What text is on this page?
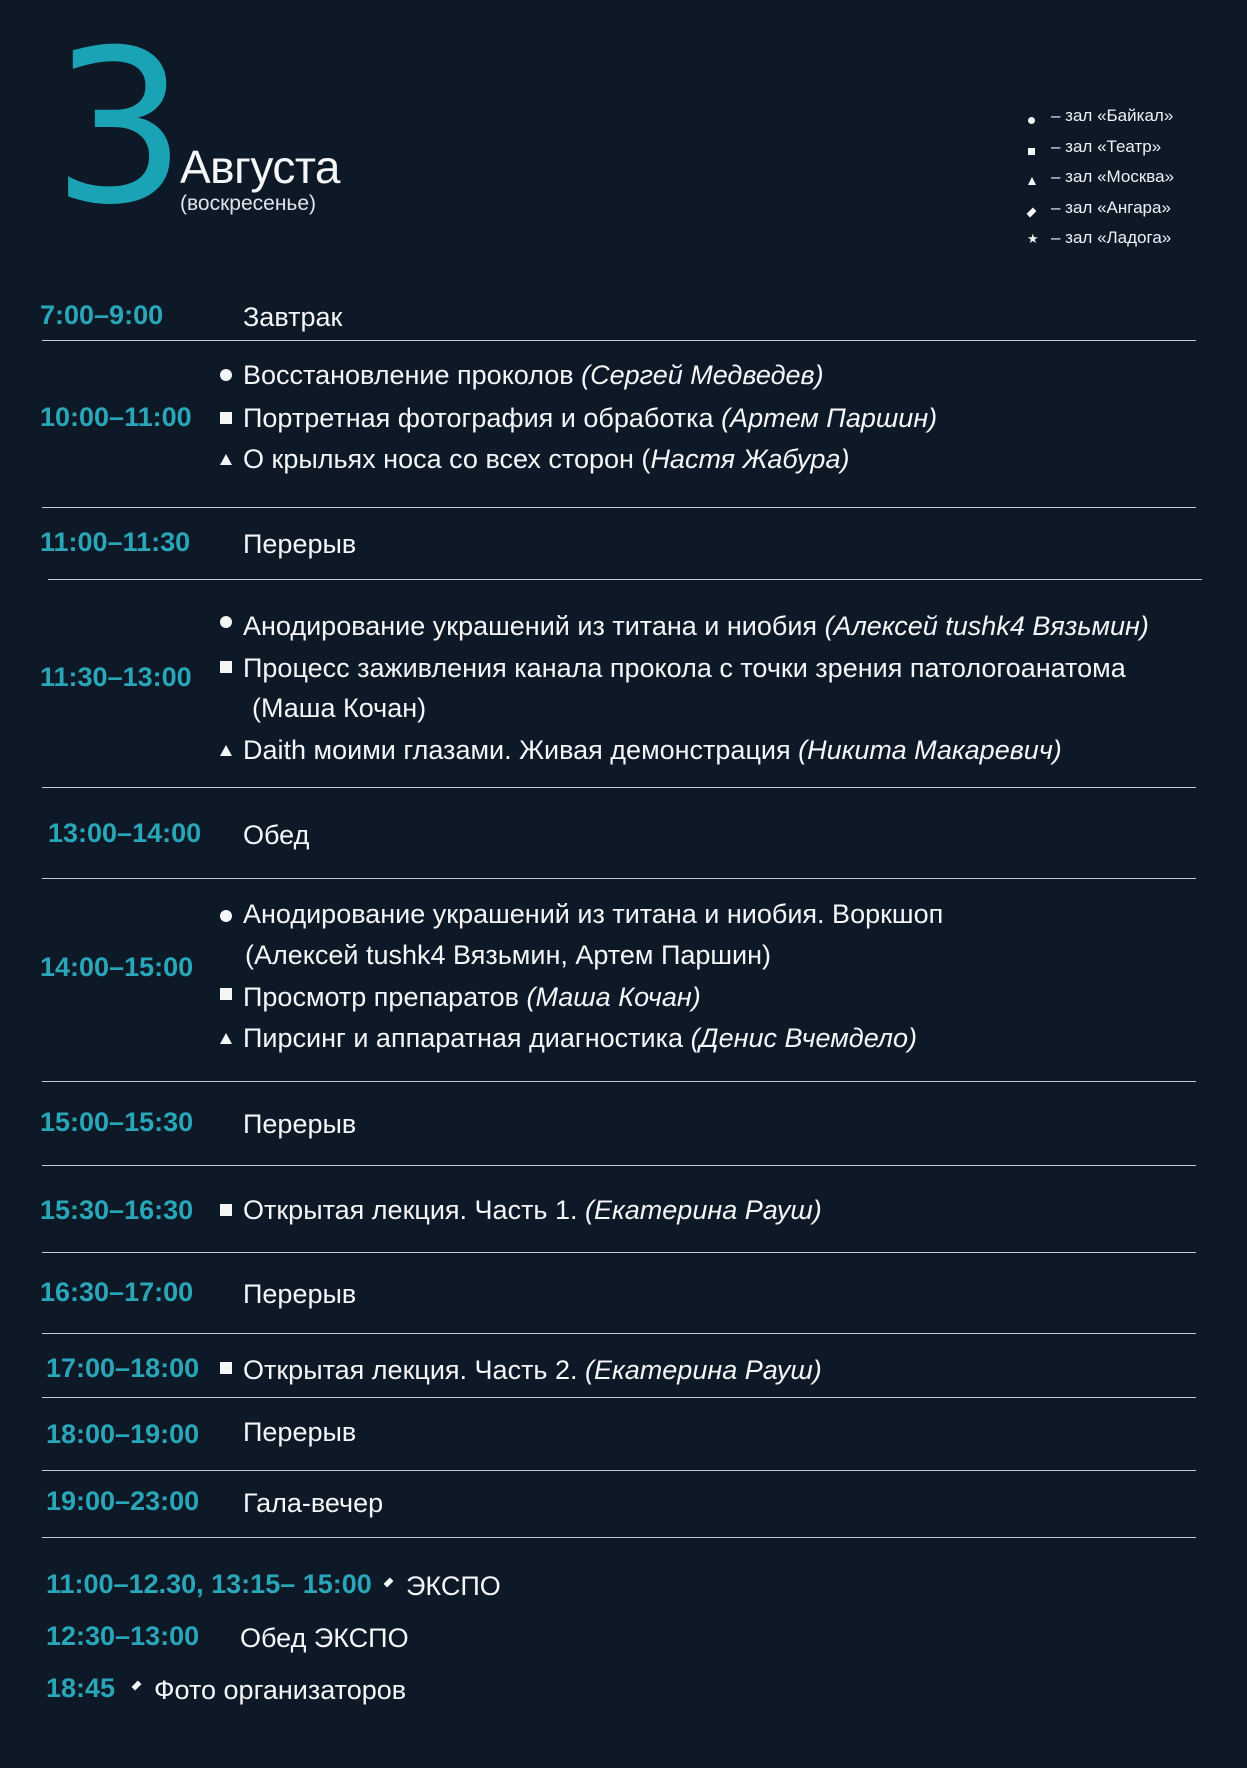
3
Августа
(воскресенье)
– зал «Байкал»
– зал «Театр»
– зал «Москва»
– зал «Ангара»
★ – зал «Ладога»
7:00–9:00	Завтрак
10:00–11:00
Восстановление проколов (Сергей Медведев)
Портретная фотография и обработка (Артем Паршин)
О крыльях носа со всех сторон (Настя Жабура)
11:00–11:30	Перерыв
11:30–13:00
Анодирование украшений из титана и ниобия (Алексей tushk4 Вязьмин)
Процесс заживления канала прокола с точки зрения патологоанатома
(Маша Кочан)
Daith моими глазами. Живая демонстрация (Никита Макаревич)
13:00–14:00	Обед
14:00–15:00
Анодирование украшений из титана и ниобия. Воркшоп
(Алексей tushk4 Вязьмин, Артем Паршин)
Просмотр препаратов (Маша Кочан)
Пирсинг и аппаратная диагностика (Денис Вчемдело)
15:00–15:30	Перерыв
15:30–16:30	Открытая лекция. Часть 1. (Екатерина Рауш)
16:30–17:00	Перерыв
17:00–18:00	Открытая лекция. Часть 2. (Екатерина Рауш)
18:00–19:00	Перерыв
19:00–23:00	Гала-вечер
11:00–12.30, 13:15– 15:00 ЭКСПО
12:30–13:00	Обед ЭКСПО
18:45 Фото организаторов
